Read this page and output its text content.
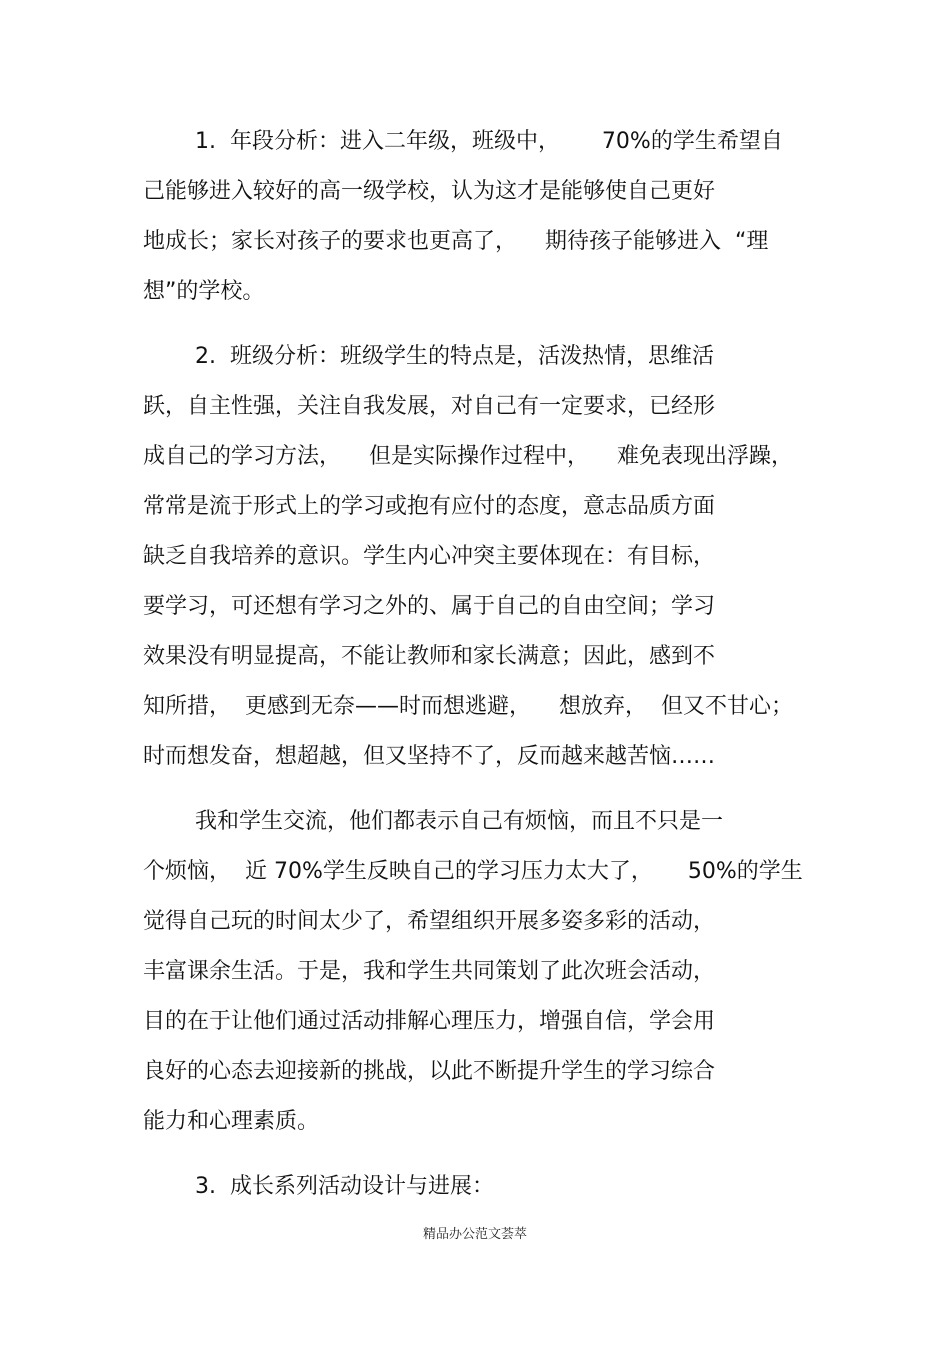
1.  年段分析：进入二年级，班级中，      70%的学生希望自
己能够进入较好的高一级学校，认为这才是能够使自己更好
地成长；家长对孩子的要求也更高了，    期待孩子能够进入  “理
想”的学校。
2.  班级分析：班级学生的特点是，活泼热情，思维活
跃，自主性强，关注自我发展，对自己有一定要求，已经形
成自己的学习方法，    但是实际操作过程中，    难免表现出浮躁，
常常是流于形式上的学习或抱有应付的态度，意志品质方面
缺乏自我培养的意识。学生内心冲突主要体现在：有目标，
要学习，可还想有学习之外的、属于自己的自由空间；学习
效果没有明显提高，不能让教师和家长满意；因此，感到不
知所措，  更感到无奈——时而想逃避，    想放弃，  但又不甘心；
时而想发奋，想超越，但又坚持不了，反而越来越苦恼……
我和学生交流，他们都表示自己有烦恼，而且不只是一
个烦恼，  近 70%学生反映自己的学习压力太大了，     50%的学生
觉得自己玩的时间太少了，希望组织开展多姿多彩的活动，
丰富课余生活。于是，我和学生共同策划了此次班会活动，
目的在于让他们通过活动排解心理压力，增强自信，学会用
良好的心态去迎接新的挑战，以此不断提升学生的学习综合
能力和心理素质。
3.  成长系列活动设计与进展：
精品办公范文荟萃
